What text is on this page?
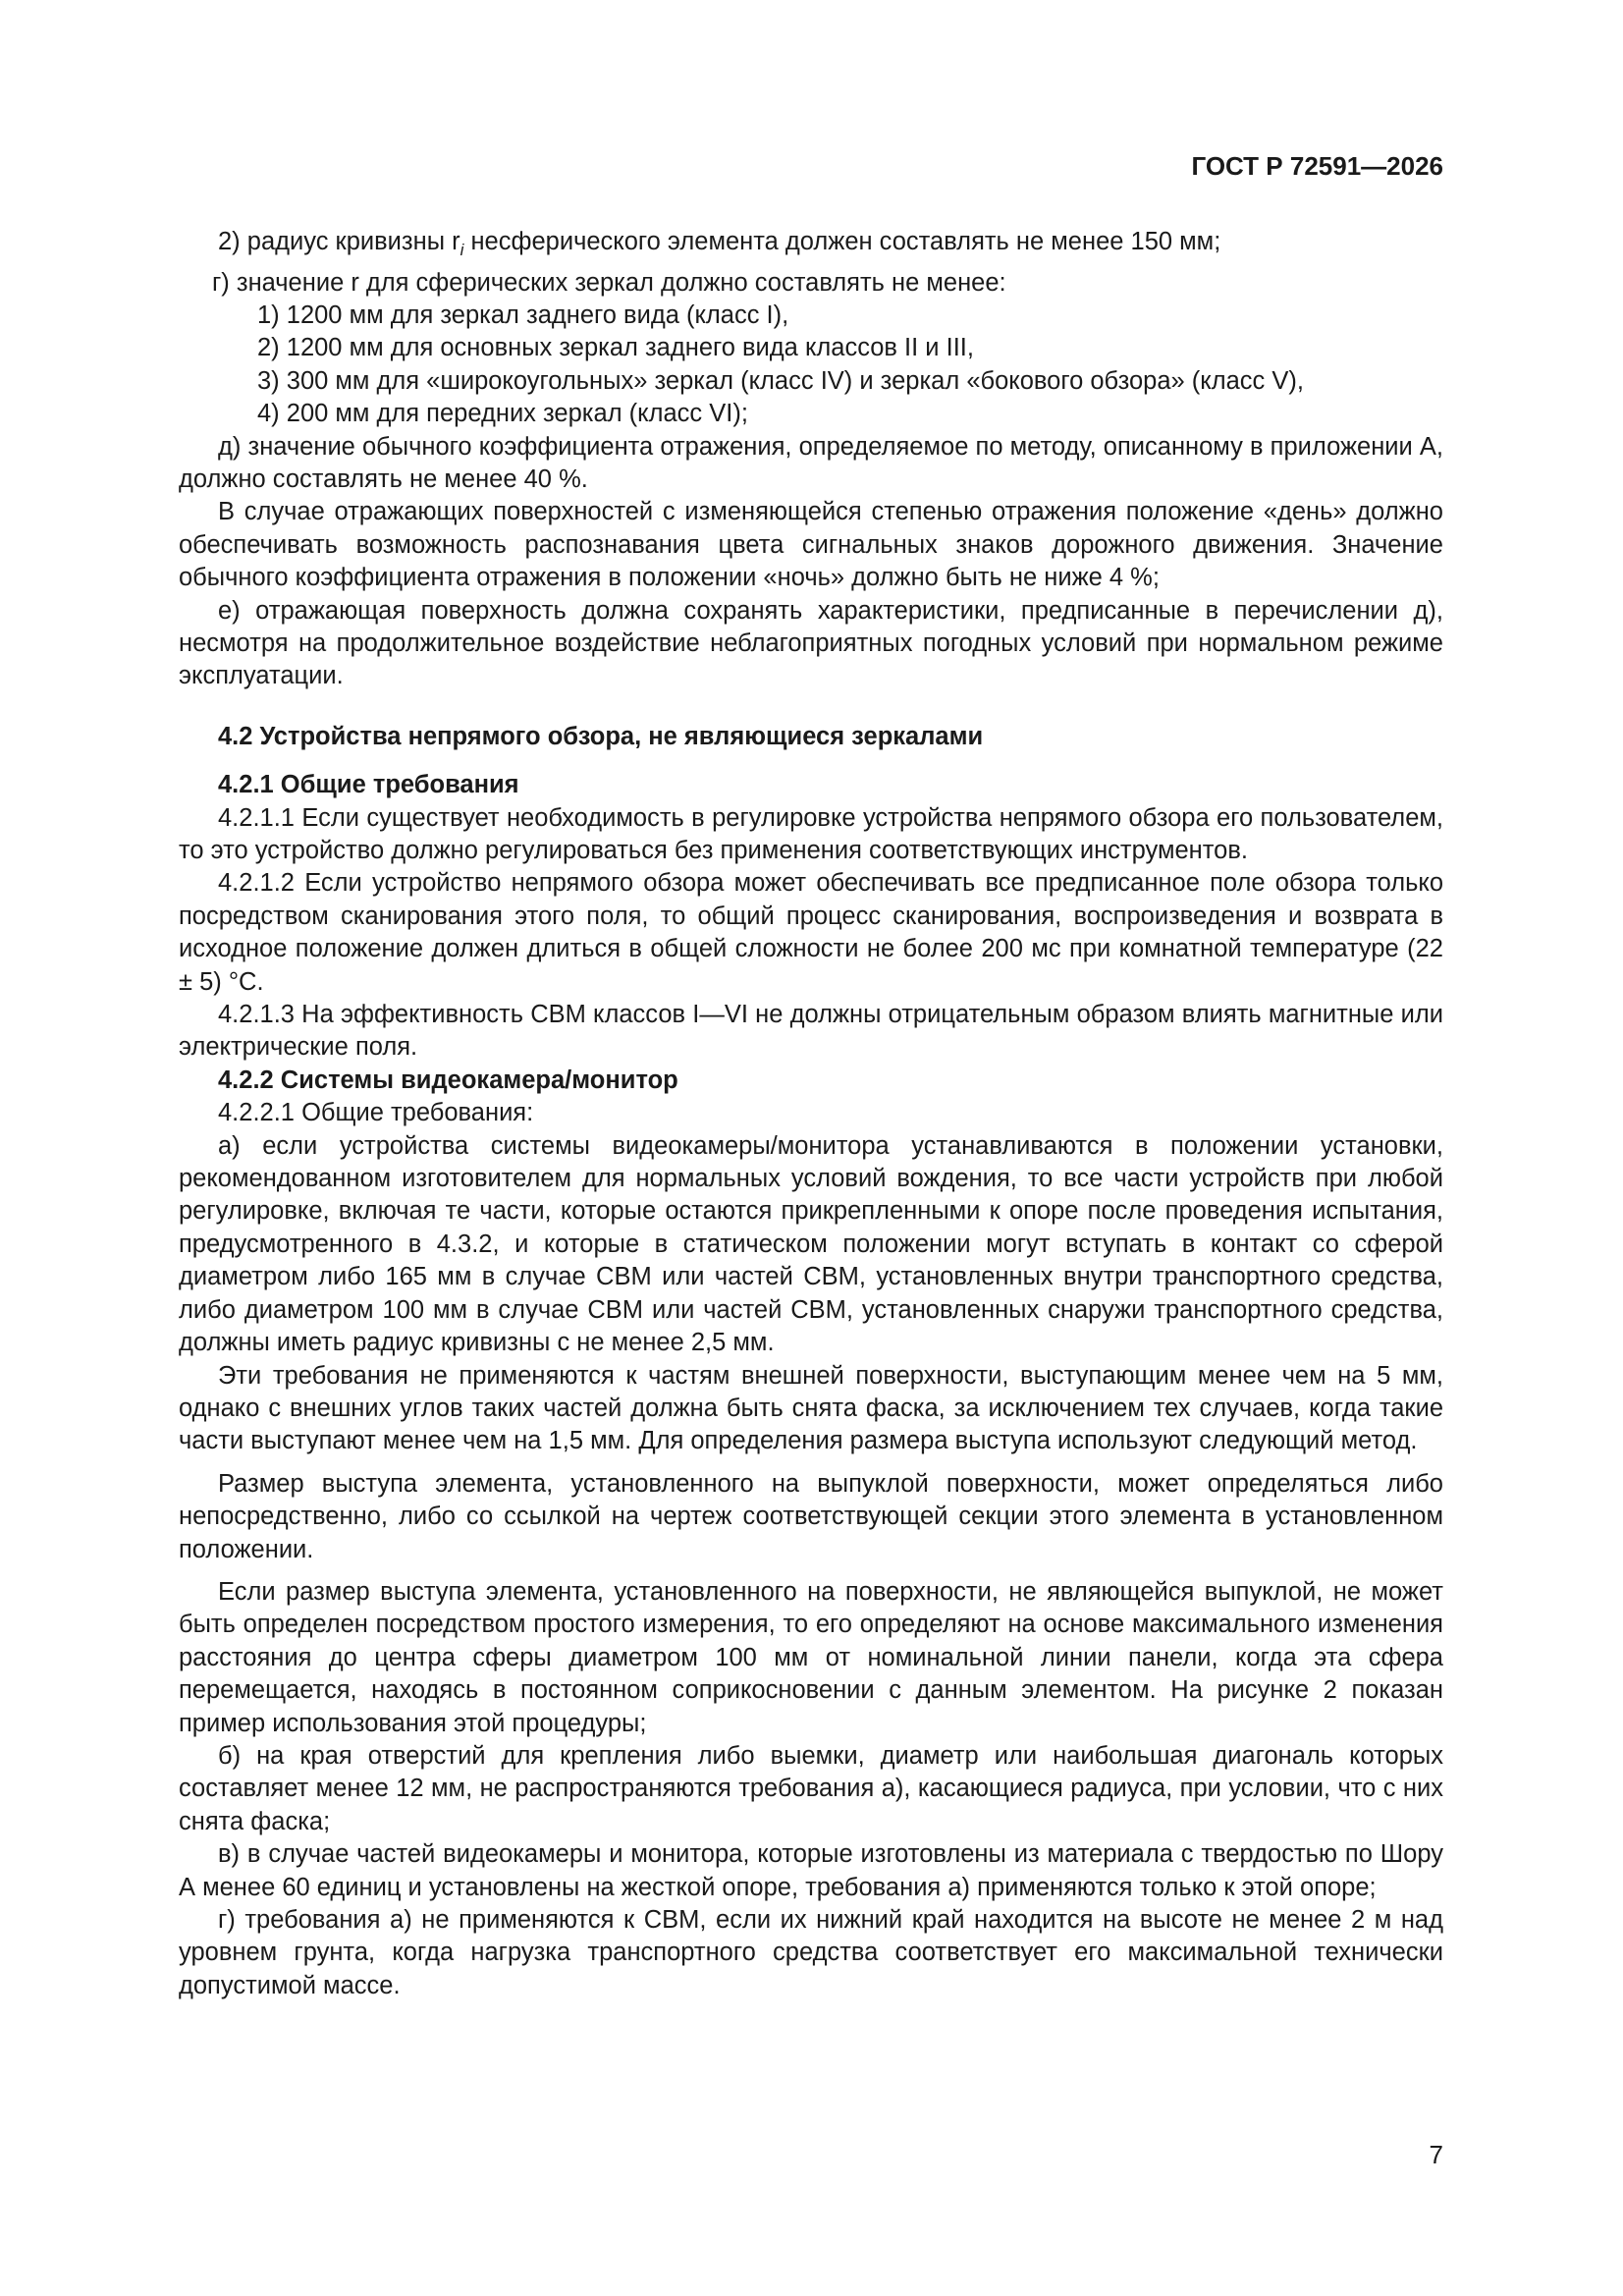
ГОСТ Р 72591—2026

2) радиус кривизны $r_i$ несферического элемента должен составлять не менее 150 мм;

г) значение r для сферических зеркал должно составлять не менее:

1) 1200 мм для зеркал заднего вида (класс I),

2) 1200 мм для основных зеркал заднего вида классов II и III,

3) 300 мм для «широкоугольных» зеркал (класс IV) и зеркал «бокового обзора» (класс V),

4) 200 мм для передних зеркал (класс VI);

д) значение обычного коэффициента отражения, определяемое по методу, описанному в приложении А, должно составлять не менее 40 %.

В случае отражающих поверхностей с изменяющейся степенью отражения положение «день» должно обеспечивать возможность распознавания цвета сигнальных знаков дорожного движения. Значение обычного коэффициента отражения в положении «ночь» должно быть не ниже 4 %;

е) отражающая поверхность должна сохранять характеристики, предписанные в перечислении д), несмотря на продолжительное воздействие неблагоприятных погодных условий при нормальном режиме эксплуатации.

4.2 Устройства непрямого обзора, не являющиеся зеркалами

4.2.1 Общие требования

4.2.1.1 Если существует необходимость в регулировке устройства непрямого обзора его пользователем, то это устройство должно регулироваться без применения соответствующих инструментов.

4.2.1.2 Если устройство непрямого обзора может обеспечивать все предписанное поле обзора только посредством сканирования этого поля, то общий процесс сканирования, воспроизведения и возврата в исходное положение должен длиться в общей сложности не более 200 мс при комнатной температуре (22 ± 5) °С.

4.2.1.3 На эффективность СВМ классов I—VI не должны отрицательным образом влиять магнитные или электрические поля.

4.2.2 Системы видеокамера/монитор

4.2.2.1 Общие требования:

а) если устройства системы видеокамеры/монитора устанавливаются в положении установки, рекомендованном изготовителем для нормальных условий вождения, то все части устройств при любой регулировке, включая те части, которые остаются прикрепленными к опоре после проведения испытания, предусмотренного в 4.3.2, и которые в статическом положении могут вступать в контакт со сферой диаметром либо 165 мм в случае СВМ или частей СВМ, установленных внутри транспортного средства, либо диаметром 100 мм в случае СВМ или частей СВМ, установленных снаружи транспортного средства, должны иметь радиус кривизны c не менее 2,5 мм.

Эти требования не применяются к частям внешней поверхности, выступающим менее чем на 5 мм, однако с внешних углов таких частей должна быть снята фаска, за исключением тех случаев, когда такие части выступают менее чем на 1,5 мм. Для определения размера выступа используют следующий метод.

Размер выступа элемента, установленного на выпуклой поверхности, может определяться либо непосредственно, либо со ссылкой на чертеж соответствующей секции этого элемента в установленном положении.

Если размер выступа элемента, установленного на поверхности, не являющейся выпуклой, не может быть определен посредством простого измерения, то его определяют на основе максимального изменения расстояния до центра сферы диаметром 100 мм от номинальной линии панели, когда эта сфера перемещается, находясь в постоянном соприкосновении с данным элементом. На рисунке 2 показан пример использования этой процедуры;

б) на края отверстий для крепления либо выемки, диаметр или наибольшая диагональ которых составляет менее 12 мм, не распространяются требования а), касающиеся радиуса, при условии, что с них снята фаска;

в) в случае частей видеокамеры и монитора, которые изготовлены из материала с твердостью по Шору А менее 60 единиц и установлены на жесткой опоре, требования а) применяются только к этой опоре;

г) требования а) не применяются к СВМ, если их нижний край находится на высоте не менее 2 м над уровнем грунта, когда нагрузка транспортного средства соответствует его максимальной технически допустимой массе.

7
